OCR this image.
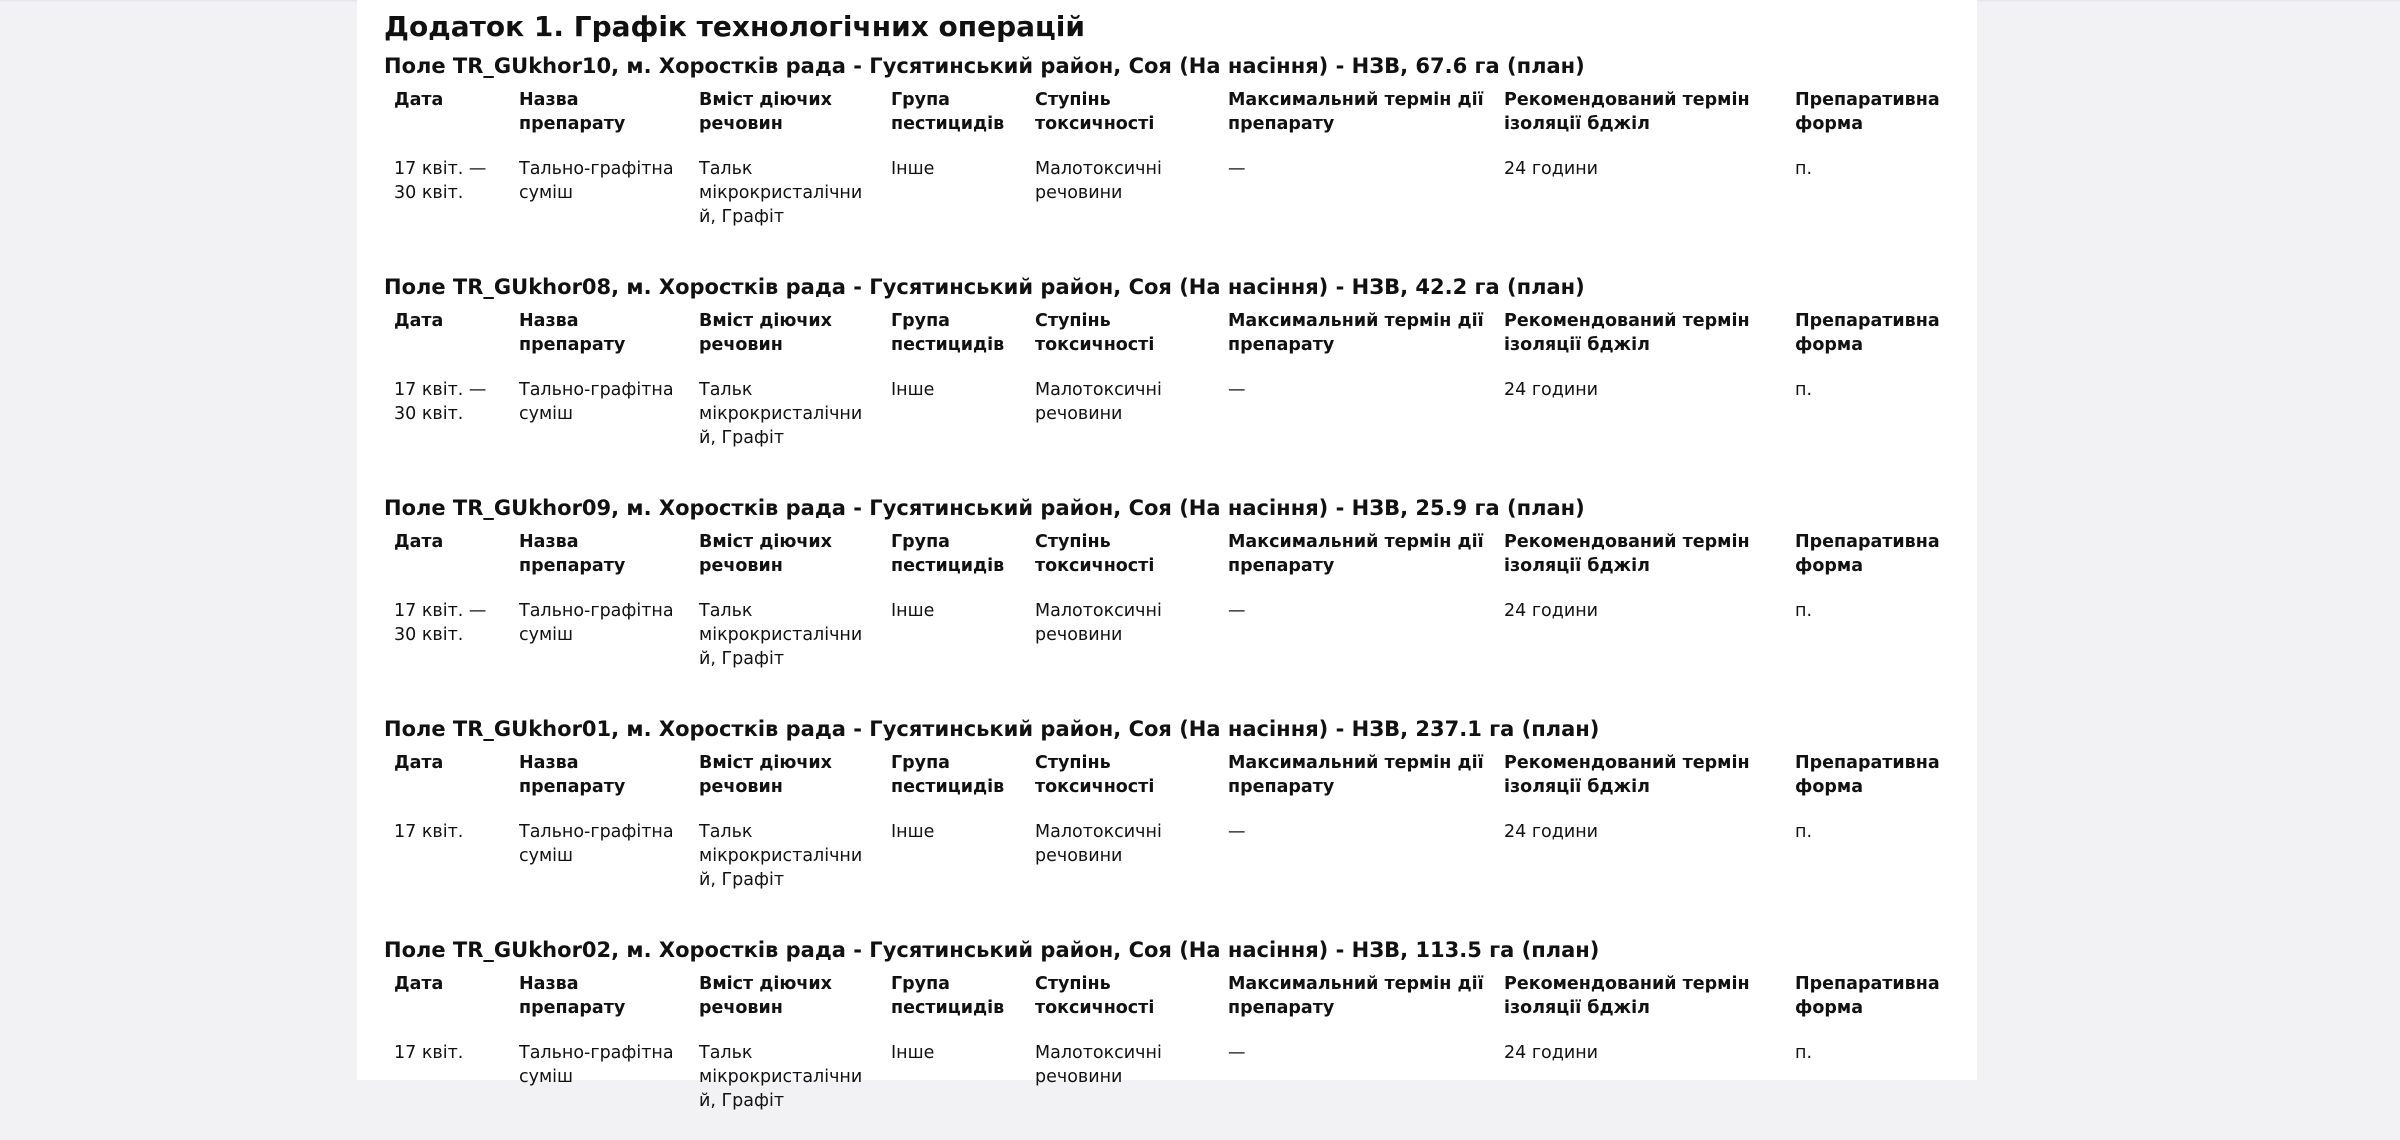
Додаток 1. Графік технологічних операцій
Поле TR_GUkhor10, м. Хоростків рада - Гусятинський район, Соя (На насіння) - НЗВ, 67.6 га (план)
Дата	Назва препарату	Вміст діючих речовин	Група пестицидів	Ступінь токсичності	Максимальний термін дії препарату	Рекомендований термін ізоляції бджіл	Препаративна форма
17 квіт. — 30 квіт.	Тально-графітна суміш	Тальк мікрокристалічний, Графіт	Інше	Малотоксичні речовини	—	24 години	п.
Поле TR_GUkhor08, м. Хоростків рада - Гусятинський район, Соя (На насіння) - НЗВ, 42.2 га (план)
Дата	Назва препарату	Вміст діючих речовин	Група пестицидів	Ступінь токсичності	Максимальний термін дії препарату	Рекомендований термін ізоляції бджіл	Препаративна форма
17 квіт. — 30 квіт.	Тально-графітна суміш	Тальк мікрокристалічний, Графіт	Інше	Малотоксичні речовини	—	24 години	п.
Поле TR_GUkhor09, м. Хоростків рада - Гусятинський район, Соя (На насіння) - НЗВ, 25.9 га (план)
Дата	Назва препарату	Вміст діючих речовин	Група пестицидів	Ступінь токсичності	Максимальний термін дії препарату	Рекомендований термін ізоляції бджіл	Препаративна форма
17 квіт. — 30 квіт.	Тально-графітна суміш	Тальк мікрокристалічний, Графіт	Інше	Малотоксичні речовини	—	24 години	п.
Поле TR_GUkhor01, м. Хоростків рада - Гусятинський район, Соя (На насіння) - НЗВ, 237.1 га (план)
Дата	Назва препарату	Вміст діючих речовин	Група пестицидів	Ступінь токсичності	Максимальний термін дії препарату	Рекомендований термін ізоляції бджіл	Препаративна форма
17 квіт.	Тально-графітна суміш	Тальк мікрокристалічний, Графіт	Інше	Малотоксичні речовини	—	24 години	п.
Поле TR_GUkhor02, м. Хоростків рада - Гусятинський район, Соя (На насіння) - НЗВ, 113.5 га (план)
Дата	Назва препарату	Вміст діючих речовин	Група пестицидів	Ступінь токсичності	Максимальний термін дії препарату	Рекомендований термін ізоляції бджіл	Препаративна форма
17 квіт.	Тально-графітна суміш	Тальк мікрокристалічний, Графіт	Інше	Малотоксичні речовини	—	24 години	п.
